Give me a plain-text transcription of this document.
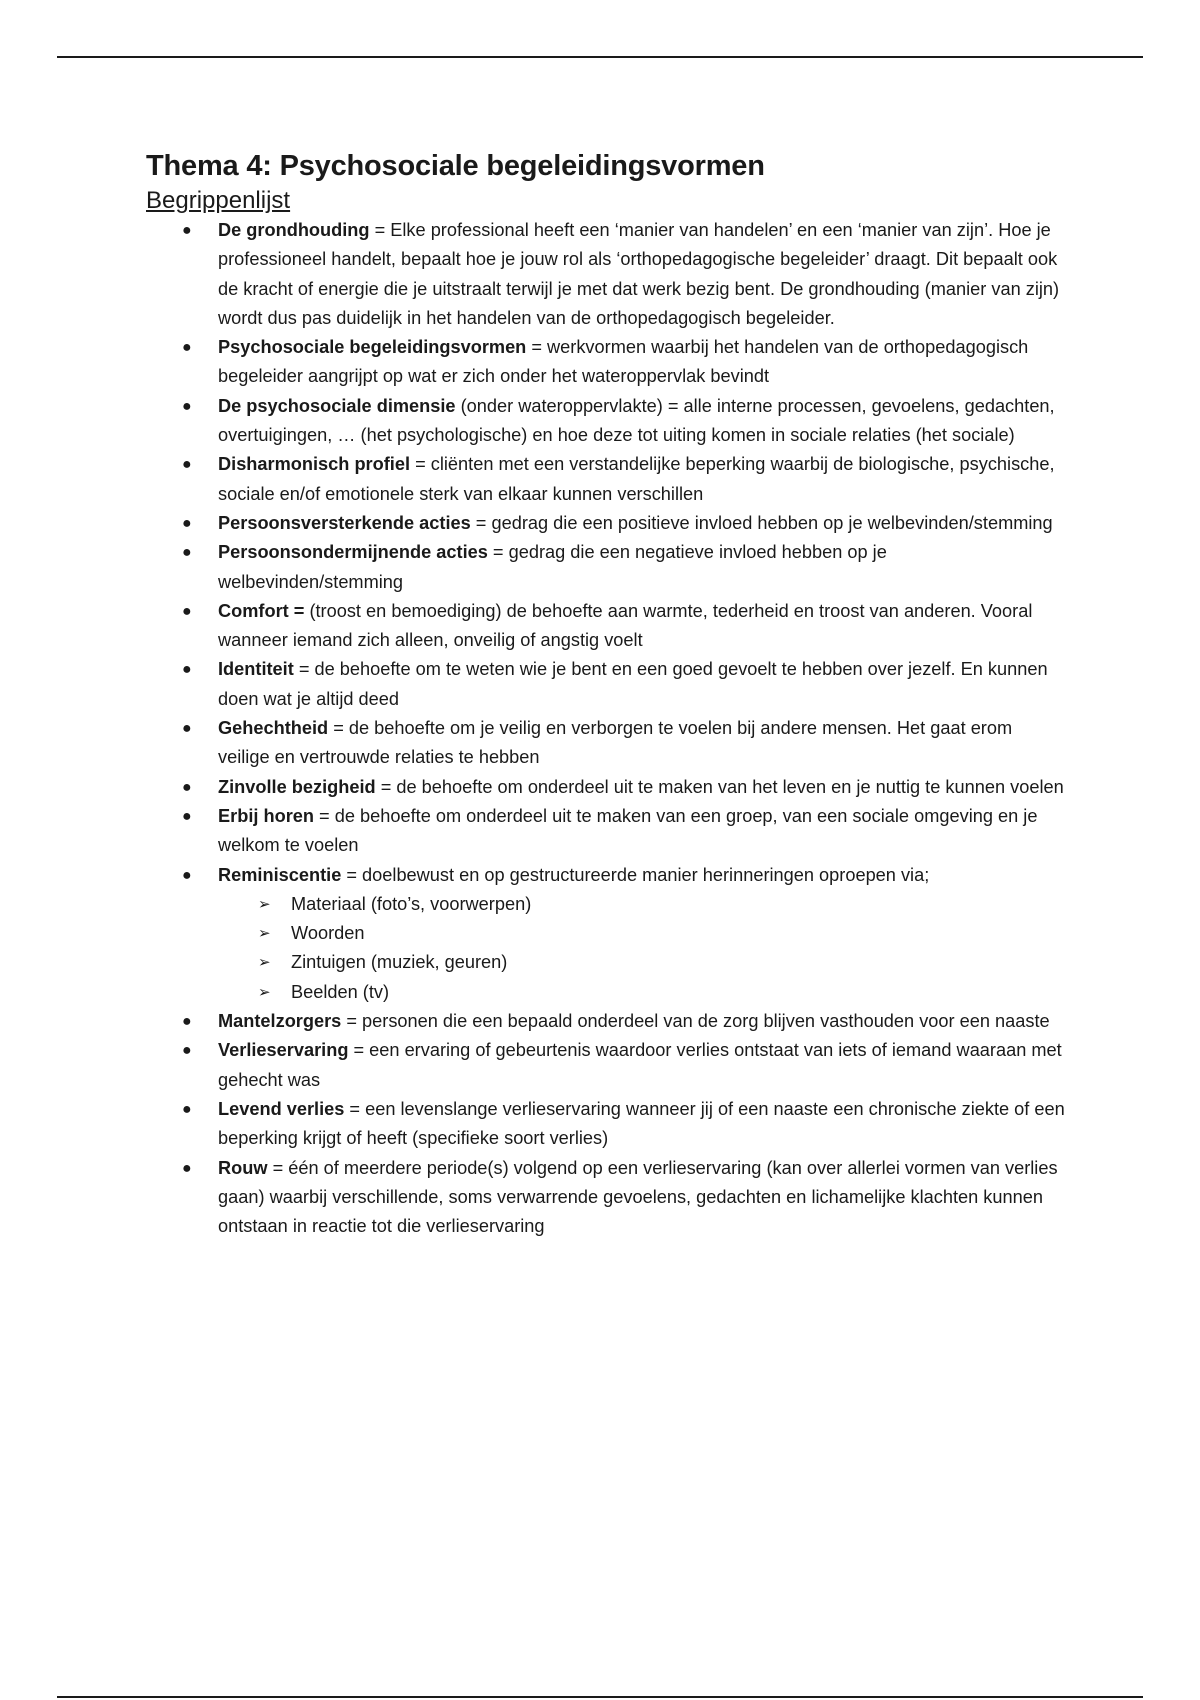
Thema 4: Psychosociale begeleidingsvormen

Begrippenlijst

● De grondhouding = Elke professional heeft een ‘manier van handelen’ en een ‘manier van zijn’. Hoe je professioneel handelt, bepaalt hoe je jouw rol als ‘orthopedagogische begeleider’ draagt. Dit bepaalt ook de kracht of energie die je uitstraalt terwijl je met dat werk bezig bent. De grondhouding (manier van zijn) wordt dus pas duidelijk in het handelen van de orthopedagogisch begeleider.
● Psychosociale begeleidingsvormen = werkvormen waarbij het handelen van de orthopedagogisch begeleider aangrijpt op wat er zich onder het wateroppervlak bevindt
● De psychosociale dimensie (onder wateroppervlakte) = alle interne processen, gevoelens, gedachten, overtuigingen, … (het psychologische) en hoe deze tot uiting komen in sociale relaties (het sociale)
● Disharmonisch profiel = cliënten met een verstandelijke beperking waarbij de biologische, psychische, sociale en/of emotionele sterk van elkaar kunnen verschillen
● Persoonsversterkende acties = gedrag die een positieve invloed hebben op je welbevinden/stemming
● Persoonsondermijnende acties = gedrag die een negatieve invloed hebben op je welbevinden/stemming
● Comfort = (troost en bemoediging) de behoefte aan warmte, tederheid en troost van anderen. Vooral wanneer iemand zich alleen, onveilig of angstig voelt
● Identiteit = de behoefte om te weten wie je bent en een goed gevoelt te hebben over jezelf. En kunnen doen wat je altijd deed
● Gehechtheid = de behoefte om je veilig en verborgen te voelen bij andere mensen. Het gaat erom veilige en vertrouwde relaties te hebben
● Zinvolle bezigheid = de behoefte om onderdeel uit te maken van het leven en je nuttig te kunnen voelen
● Erbij horen = de behoefte om onderdeel uit te maken van een groep, van een sociale omgeving en je welkom te voelen
● Reminiscentie = doelbewust en op gestructureerde manier herinneringen oproepen via;
➢ Materiaal (foto’s, voorwerpen)
➢ Woorden
➢ Zintuigen (muziek, geuren)
➢ Beelden (tv)
● Mantelzorgers = personen die een bepaald onderdeel van de zorg blijven vasthouden voor een naaste
● Verlieservaring = een ervaring of gebeurtenis waardoor verlies ontstaat van iets of iemand waaraan met gehecht was
● Levend verlies = een levenslange verlieservaring wanneer jij of een naaste een chronische ziekte of een beperking krijgt of heeft (specifieke soort verlies)
● Rouw = één of meerdere periode(s) volgend op een verlieservaring (kan over allerlei vormen van verlies gaan) waarbij verschillende, soms verwarrende gevoelens, gedachten en lichamelijke klachten kunnen ontstaan in reactie tot die verlieservaring
